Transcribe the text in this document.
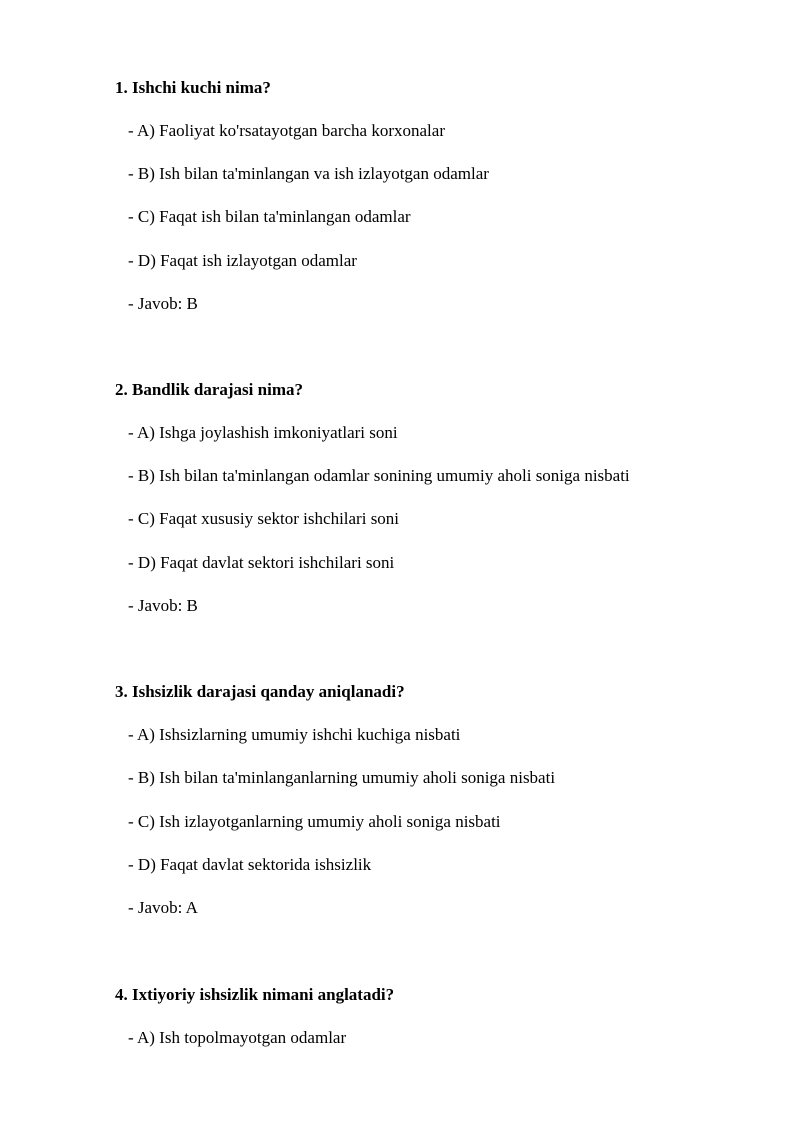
1. Ishchi kuchi nima?
- A) Faoliyat ko'rsatayotgan barcha korxonalar
- B) Ish bilan ta'minlangan va ish izlayotgan odamlar
- C) Faqat ish bilan ta'minlangan odamlar
- D) Faqat ish izlayotgan odamlar
- Javob: B
2. Bandlik darajasi nima?
- A) Ishga joylashish imkoniyatlari soni
- B) Ish bilan ta'minlangan odamlar sonining umumiy aholi soniga nisbati
- C) Faqat xususiy sektor ishchilari soni
- D) Faqat davlat sektori ishchilari soni
- Javob: B
3. Ishsizlik darajasi qanday aniqlanadi?
- A) Ishsizlarning umumiy ishchi kuchiga nisbati
- B) Ish bilan ta'minlanganlarning umumiy aholi soniga nisbati
- C) Ish izlayotganlarning umumiy aholi soniga nisbati
- D) Faqat davlat sektorida ishsizlik
- Javob: A
4. Ixtiyoriy ishsizlik nimani anglatadi?
- A) Ish topolmayotgan odamlar
